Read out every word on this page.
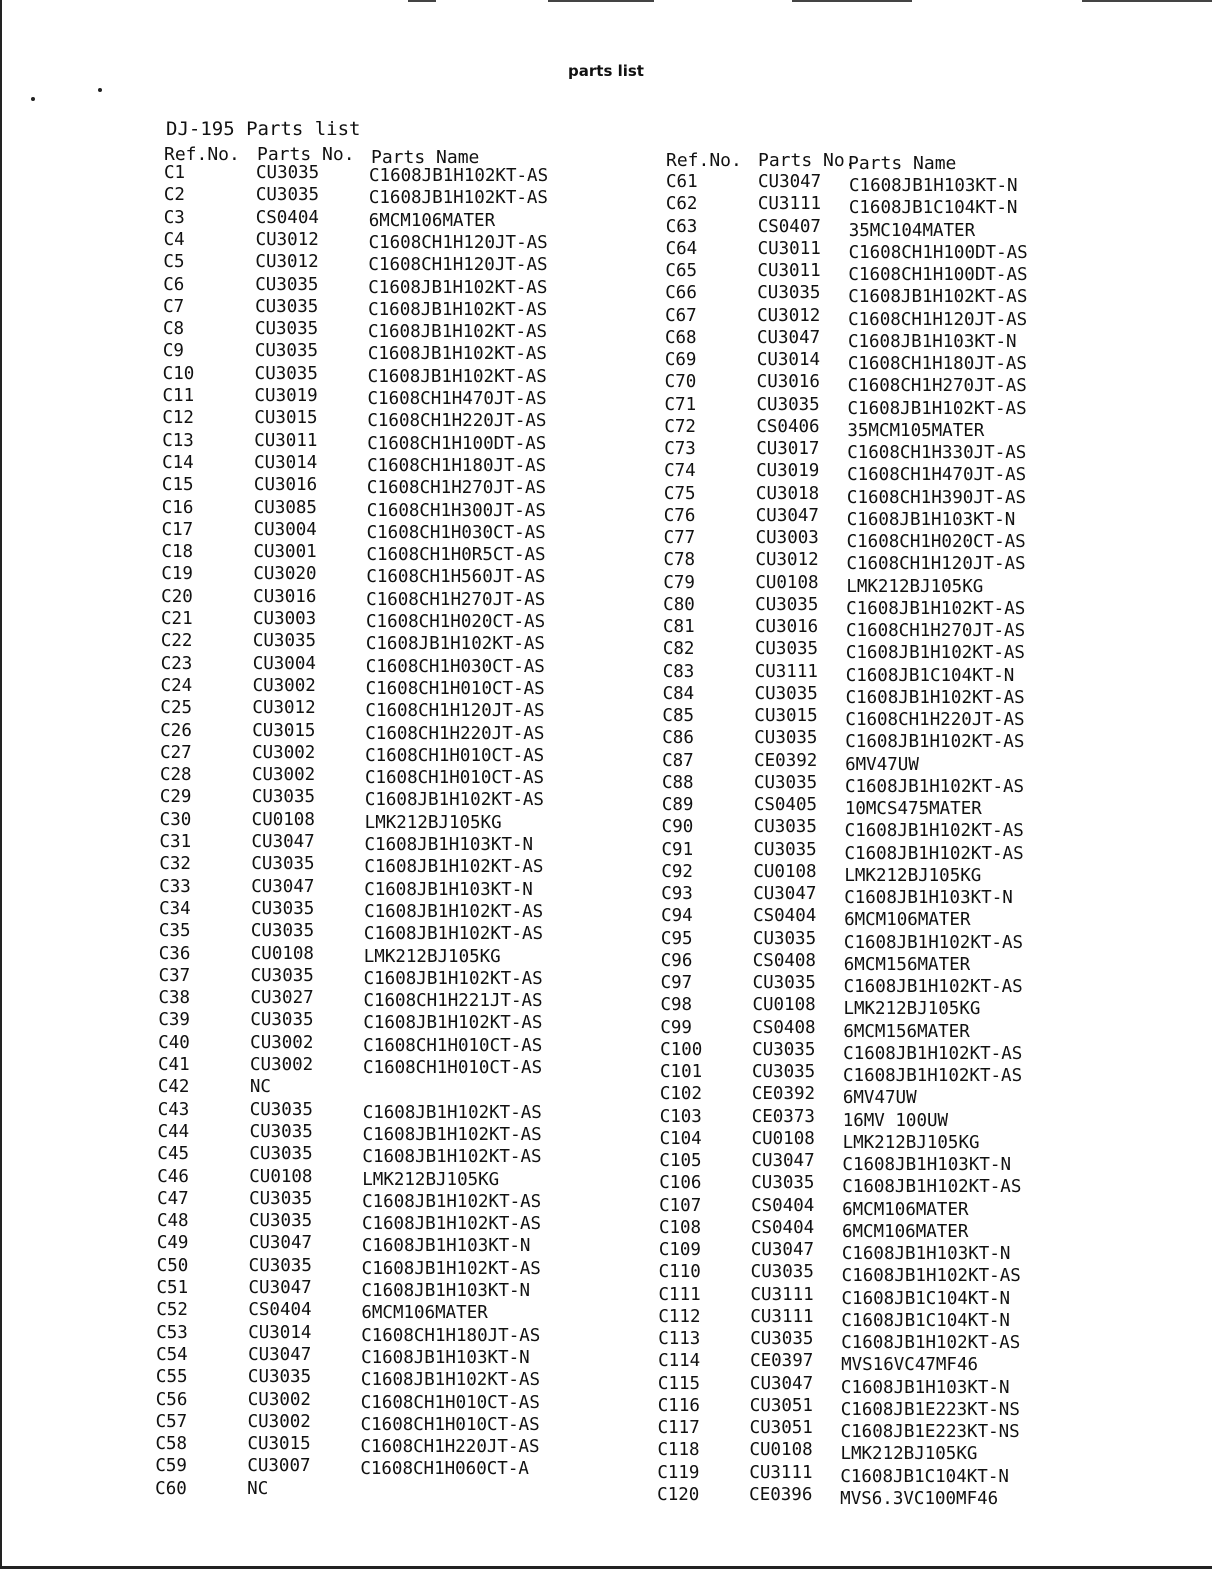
parts list
DJ-195 Parts list
Ref.No. Parts No. Parts Name
C1	CU3035	C1608JB1H102KT-AS
C2	CU3035	C1608JB1H102KT-AS
C3	CS0404	6MCM106MATER
C4	CU3012	C1608CH1H120JT-AS
C5	CU3012	C1608CH1H120JT-AS
C6	CU3035	C1608JB1H102KT-AS
C7	CU3035	C1608JB1H102KT-AS
C8	CU3035	C1608JB1H102KT-AS
C9	CU3035	C1608JB1H102KT-AS
C10	CU3035	C1608JB1H102KT-AS
C11	CU3019	C1608CH1H470JT-AS
C12	CU3015	C1608CH1H220JT-AS
C13	CU3011	C1608CH1H100DT-AS
C14	CU3014	C1608CH1H180JT-AS
C15	CU3016	C1608CH1H270JT-AS
C16	CU3085	C1608CH1H300JT-AS
C17	CU3004	C1608CH1H030CT-AS
C18	CU3001	C1608CH1H0R5CT-AS
C19	CU3020	C1608CH1H560JT-AS
C20	CU3016	C1608CH1H270JT-AS
C21	CU3003	C1608CH1H020CT-AS
C22	CU3035	C1608JB1H102KT-AS
C23	CU3004	C1608CH1H030CT-AS
C24	CU3002	C1608CH1H010CT-AS
C25	CU3012	C1608CH1H120JT-AS
C26	CU3015	C1608CH1H220JT-AS
C27	CU3002	C1608CH1H010CT-AS
C28	CU3002	C1608CH1H010CT-AS
C29	CU3035	C1608JB1H102KT-AS
C30	CU0108	LMK212BJ105KG
C31	CU3047	C1608JB1H103KT-N
C32	CU3035	C1608JB1H102KT-AS
C33	CU3047	C1608JB1H103KT-N
C34	CU3035	C1608JB1H102KT-AS
C35	CU3035	C1608JB1H102KT-AS
C36	CU0108	LMK212BJ105KG
C37	CU3035	C1608JB1H102KT-AS
C38	CU3027	C1608CH1H221JT-AS
C39	CU3035	C1608JB1H102KT-AS
C40	CU3002	C1608CH1H010CT-AS
C41	CU3002	C1608CH1H010CT-AS
C42	NC
C43	CU3035	C1608JB1H102KT-AS
C44	CU3035	C1608JB1H102KT-AS
C45	CU3035	C1608JB1H102KT-AS
C46	CU0108	LMK212BJ105KG
C47	CU3035	C1608JB1H102KT-AS
C48	CU3035	C1608JB1H102KT-AS
C49	CU3047	C1608JB1H103KT-N
C50	CU3035	C1608JB1H102KT-AS
C51	CU3047	C1608JB1H103KT-N
C52	CS0404	6MCM106MATER
C53	CU3014	C1608CH1H180JT-AS
C54	CU3047	C1608JB1H103KT-N
C55	CU3035	C1608JB1H102KT-AS
C56	CU3002	C1608CH1H010CT-AS
C57	CU3002	C1608CH1H010CT-AS
C58	CU3015	C1608CH1H220JT-AS
C59	CU3007	C1608CH1H060CT-A
C60	NC
Ref.No. Parts No.
Parts Name
C61	CU3047 C1608JB1H103KT-N
C62	CU3111 C1608JB1C104KT-N
C63	CS0407 35MC104MATER
C64	CU3011 C1608CH1H100DT-AS
C65	CU3011 C1608CH1H100DT-AS
C66	CU3035 C1608JB1H102KT-AS
C67	CU3012 C1608CH1H120JT-AS
C68	CU3047 C1608JB1H103KT-N
C69	CU3014 C1608CH1H180JT-AS
C70	CU3016 C1608CH1H270JT-AS
C71	CU3035 C1608JB1H102KT-AS
C72	CS0406 35MCM105MATER
C73	CU3017 C1608CH1H330JT-AS
C74	CU3019 C1608CH1H470JT-AS
C75	CU3018 C1608CH1H390JT-AS
C76	CU3047 C1608JB1H103KT-N
C77	CU3003 C1608CH1H020CT-AS
C78	CU3012 C1608CH1H120JT-AS
C79	CU0108 LMK212BJ105KG
C80	CU3035 C1608JB1H102KT-AS
C81	CU3016 C1608CH1H270JT-AS
C82	CU3035 C1608JB1H102KT-AS
C83	CU3111 C1608JB1C104KT-N
C84	CU3035 C1608JB1H102KT-AS
C85	CU3015 C1608CH1H220JT-AS
C86	CU3035 C1608JB1H102KT-AS
C87	CE0392 6MV47UW
C88	CU3035 C1608JB1H102KT-AS
C89	CS0405 10MCS475MATER
C90	CU3035 C1608JB1H102KT-AS
C91	CU3035 C1608JB1H102KT-AS
C92	CU0108 LMK212BJ105KG
C93	CU3047 C1608JB1H103KT-N
C94	CS0404 6MCM106MATER
C95	CU3035 C1608JB1H102KT-AS
C96	CS0408 6MCM156MATER
C97	CU3035 C1608JB1H102KT-AS
C98	CU0108 LMK212BJ105KG
C99	CS0408 6MCM156MATER
C100	CU3035 C1608JB1H102KT-AS
C101	CU3035 C1608JB1H102KT-AS
C102	CE0392 6MV47UW
C103	CE0373 16MV 100UW
C104	CU0108 LMK212BJ105KG
C105	CU3047 C1608JB1H103KT-N
C106	CU3035 C1608JB1H102KT-AS
C107	CS0404 6MCM106MATER
C108	CS0404 6MCM106MATER
C109	CU3047 C1608JB1H103KT-N
C110	CU3035 C1608JB1H102KT-AS
C111	CU3111 C1608JB1C104KT-N
C112	CU3111 C1608JB1C104KT-N
C113	CU3035 C1608JB1H102KT-AS
C114	CE0397 MVS16VC47MF46
C115	CU3047 C1608JB1H103KT-N
C116	CU3051 C1608JB1E223KT-NS
C117	CU3051 C1608JB1E223KT-NS
C118	CU0108 LMK212BJ105KG
C119	CU3111 C1608JB1C104KT-N
C120	CE0396 MVS6.3VC100MF46
